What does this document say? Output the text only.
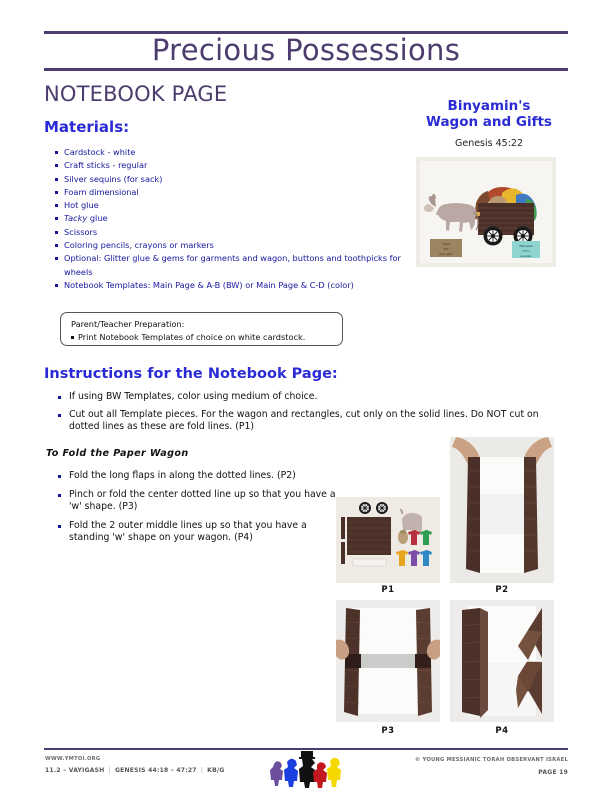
Precious Possessions
NOTEBOOK PAGE	Binyamin's
Wagon and Gifts
Genesis 45:22
Yosef
יוסף
gave gifts
Binyamin
בנימין
presents
Materials:
Cardstock - white
Craft sticks - regular
Silver sequins (for sack)
Foam dimensional
Hot glue
Tacky glue
Scissors
Coloring pencils, crayons or markers
Optional: Glitter glue & gems for garments and wagon, buttons and toothpicks for wheels
Notebook Templates: Main Page & A-B (BW) or Main Page & C-D (color)
Parent/Teacher Preparation:
Print Notebook Templates of choice on white cardstock.
Instructions for the Notebook Page:
If using BW Templates, color using medium of choice.
Cut out all Template pieces. For the wagon and rectangles, cut only on the solid lines. Do NOT cut on dotted lines as these are fold lines. (P1)
To Fold the Paper Wagon
Fold the long flaps in along the dotted lines. (P2)
Pinch or fold the center dotted line up so that you have a 'w' shape. (P3)
Fold the 2 outer middle lines up so that you have a standing 'w' shape on your wagon. (P4)
P1	P2
P3	P4
WWW.YMTOI.ORG
11.2 – VAYIGASH | GENESIS 44:18 – 47:27 | KB/G
© YOUNG MESSIANIC TORAH OBSERVANT ISRAEL
PAGE 19
